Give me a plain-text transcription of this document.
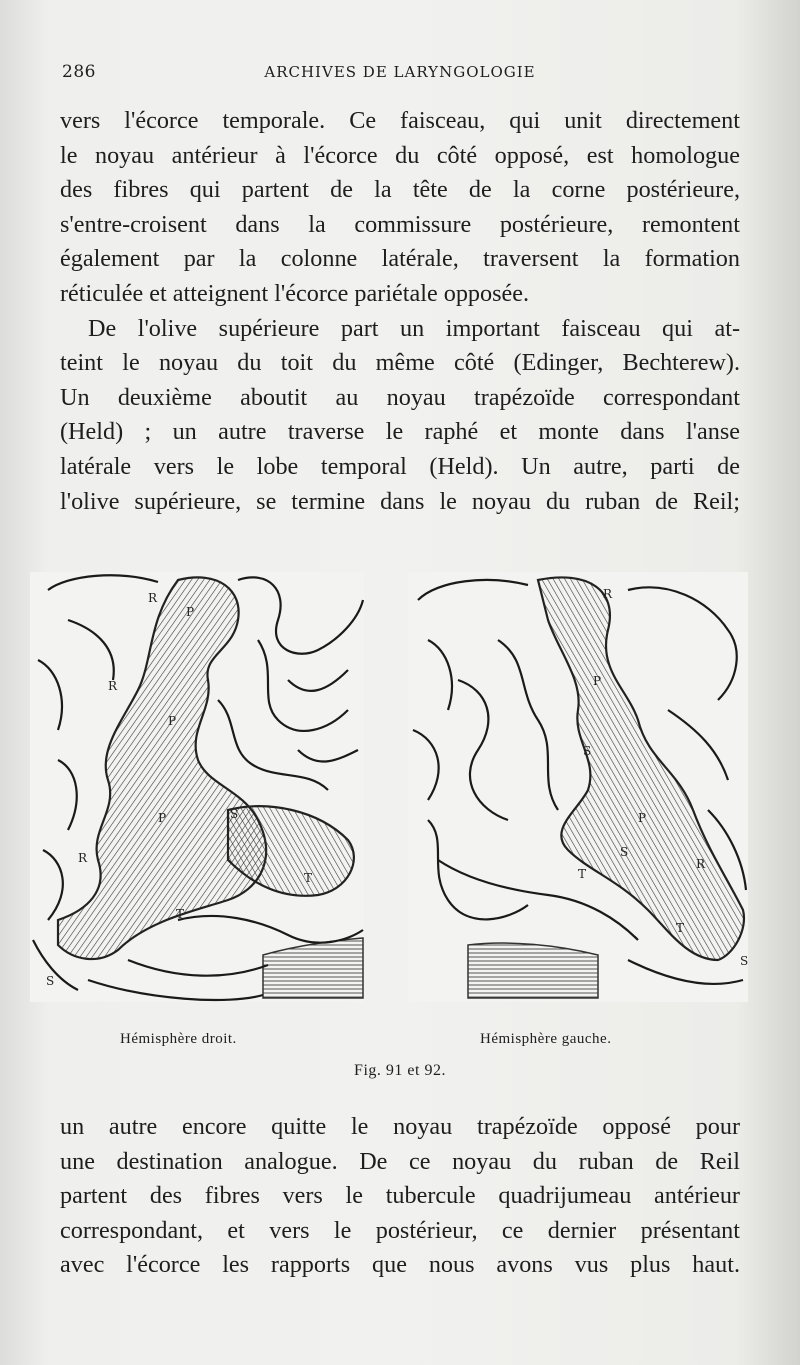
286	ARCHIVES DE LARYNGOLOGIE
vers l'écorce temporale. Ce faisceau, qui unit directement
le noyau antérieur à l'écorce du côté opposé, est homologue
des fibres qui partent de la tête de la corne postérieure,
s'entre-croisent dans la commissure postérieure, remontent
également par la colonne latérale, traversent la formation
réticulée et atteignent l'écorce pariétale opposée.
De l'olive supérieure part un important faisceau qui at-
teint le noyau du toit du même côté (Edinger, Bechterew).
Un deuxième aboutit au noyau trapézoïde correspondant
(Held) ; un autre traverse le raphé et monte dans l'anse
latérale vers le lobe temporal (Held). Un autre, parti de
l'olive supérieure, se termine dans le noyau du ruban de Reil;
R
P
R
P
P	S
R
T
T
S
R
P
S
P
S
R
T
T
S
Hémisphère droit.	Hémisphère gauche.
Fig. 91 et 92.
un autre encore quitte le noyau trapézoïde opposé pour
une destination analogue. De ce noyau du ruban de Reil
partent des fibres vers le tubercule quadrijumeau antérieur
correspondant, et vers le postérieur, ce dernier présentant
avec l'écorce les rapports que nous avons vus plus haut.
